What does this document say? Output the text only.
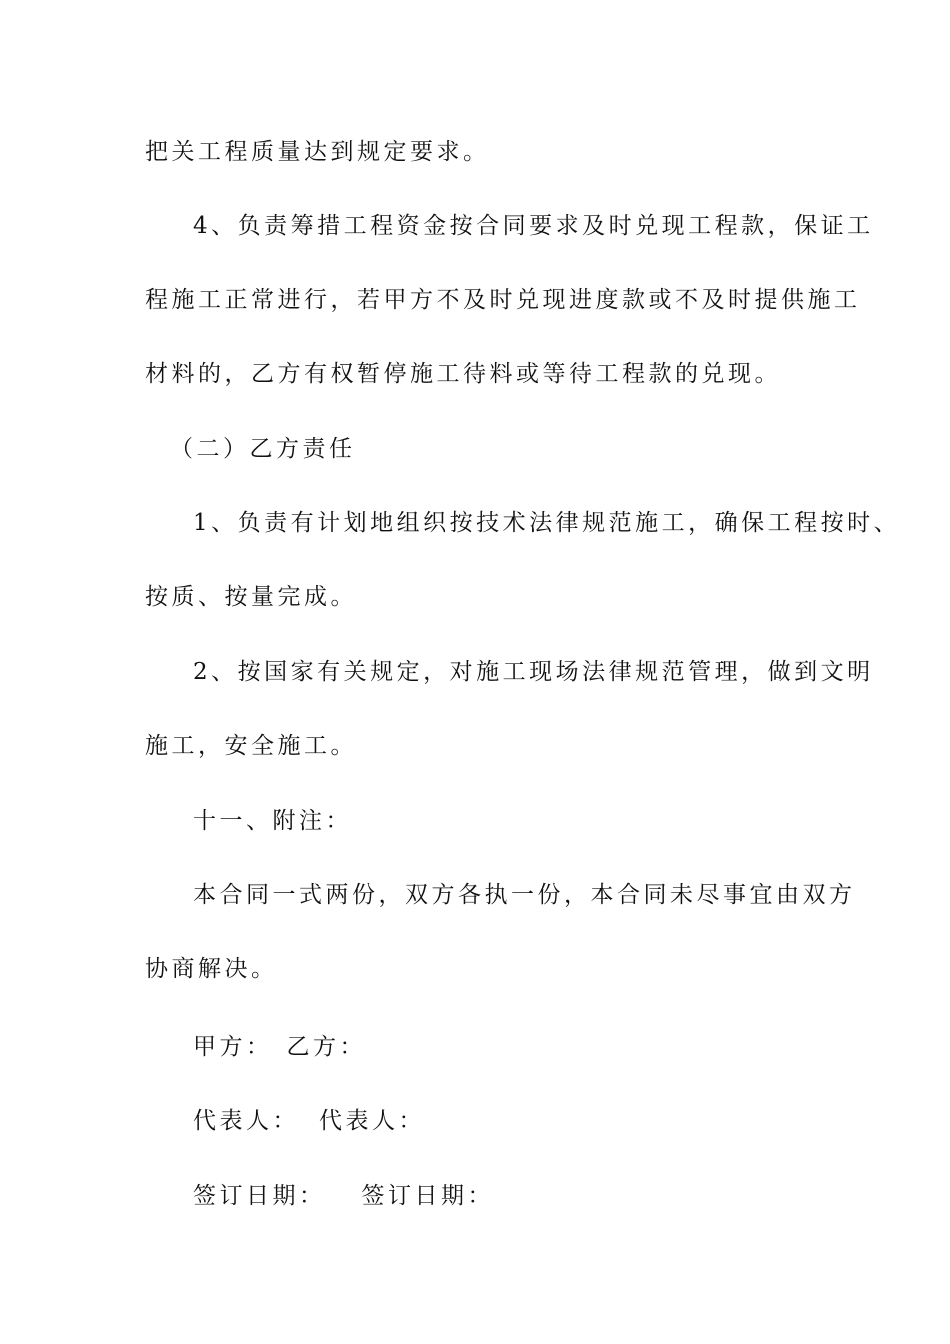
把关工程质量达到规定要求。
4、负责筹措工程资金按合同要求及时兑现工程款，保证工
程施工正常进行，若甲方不及时兑现进度款或不及时提供施工
材料的，乙方有权暂停施工待料或等待工程款的兑现。
（二）乙方责任
1、负责有计划地组织按技术法律规范施工，确保工程按时、
按质、按量完成。
2、按国家有关规定，对施工现场法律规范管理，做到文明
施工，安全施工。
十一、附注：
本合同一式两份，双方各执一份，本合同未尽事宜由双方
协商解决。
甲方： 乙方：
代表人： 代表人：
签订日期： 签订日期：
